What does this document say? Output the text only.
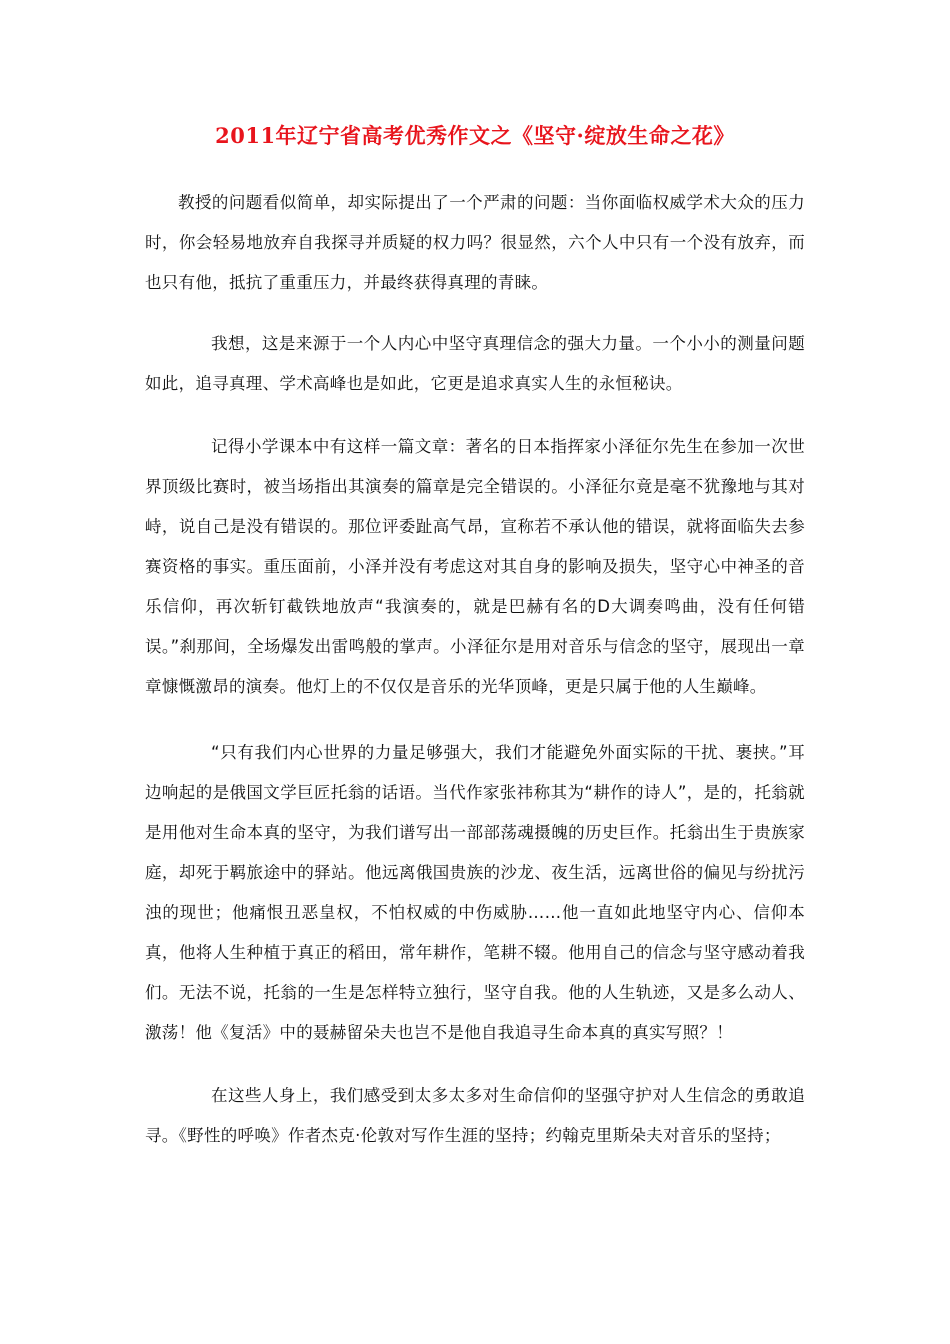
2011年辽宁省高考优秀作文之《坚守·绽放生命之花》
教授的问题看似简单，却实际提出了一个严肃的问题：当你面临权威学术大众的压力时，你会轻易地放弃自我探寻并质疑的权力吗？很显然，六个人中只有一个没有放弃，而也只有他，抵抗了重重压力，并最终获得真理的青睐。
我想，这是来源于一个人内心中坚守真理信念的强大力量。一个小小的测量问题如此，追寻真理、学术高峰也是如此，它更是追求真实人生的永恒秘诀。
记得小学课本中有这样一篇文章：著名的日本指挥家小泽征尔先生在参加一次世界顶级比赛时，被当场指出其演奏的篇章是完全错误的。小泽征尔竟是毫不犹豫地与其对峙，说自己是没有错误的。那位评委趾高气昂，宣称若不承认他的错误，就将面临失去参赛资格的事实。重压面前，小泽并没有考虑这对其自身的影响及损失，坚守心中神圣的音乐信仰，再次斩钉截铁地放声“我演奏的，就是巴赫有名的D大调奏鸣曲，没有任何错误。”刹那间，全场爆发出雷鸣般的掌声。小泽征尔是用对音乐与信念的坚守，展现出一章章慷慨激昂的演奏。他灯上的不仅仅是音乐的光华顶峰，更是只属于他的人生巅峰。
“只有我们内心世界的力量足够强大，我们才能避免外面实际的干扰、裹挟。”耳边响起的是俄国文学巨匠托翁的话语。当代作家张祎称其为“耕作的诗人”，是的，托翁就是用他对生命本真的坚守，为我们谱写出一部部荡魂摄魄的历史巨作。托翁出生于贵族家庭，却死于羁旅途中的驿站。他远离俄国贵族的沙龙、夜生活，远离世俗的偏见与纷扰污浊的现世；他痛恨丑恶皇权，不怕权威的中伤威胁……他一直如此地坚守内心、信仰本真，他将人生种植于真正的稻田，常年耕作，笔耕不辍。他用自己的信念与坚守感动着我们。无法不说，托翁的一生是怎样特立独行，坚守自我。他的人生轨迹，又是多么动人、激荡！他《复活》中的聂赫留朵夫也岂不是他自我追寻生命本真的真实写照？！
在这些人身上，我们感受到太多太多对生命信仰的坚强守护对人生信念的勇敢追寻。《野性的呼唤》作者杰克·伦敦对写作生涯的坚持；约翰克里斯朵夫对音乐的坚持；
